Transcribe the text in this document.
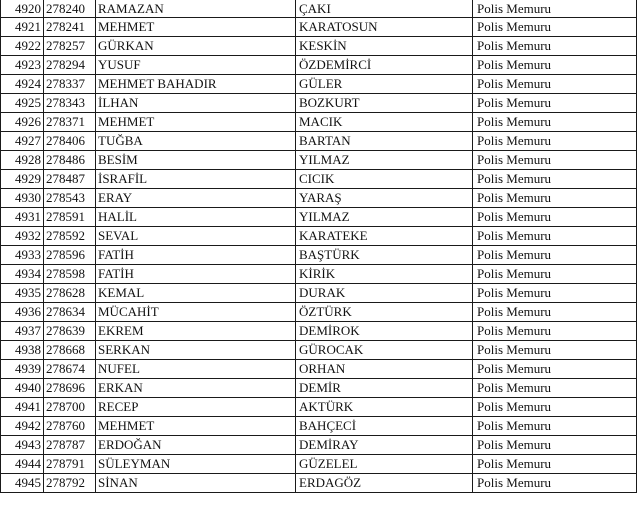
4920	278240	RAMAZAN	ÇAKI	Polis Memuru
4921	278241	MEHMET	KARATOSUN	Polis Memuru
4922	278257	GÜRKAN	KESKİN	Polis Memuru
4923	278294	YUSUF	ÖZDEMİRCİ	Polis Memuru
4924	278337	MEHMET BAHADIR	GÜLER	Polis Memuru
4925	278343	İLHAN	BOZKURT	Polis Memuru
4926	278371	MEHMET	MACIK	Polis Memuru
4927	278406	TUĞBA	BARTAN	Polis Memuru
4928	278486	BESİM	YILMAZ	Polis Memuru
4929	278487	İSRAFİL	CICIK	Polis Memuru
4930	278543	ERAY	YARAŞ	Polis Memuru
4931	278591	HALİL	YILMAZ	Polis Memuru
4932	278592	SEVAL	KARATEKE	Polis Memuru
4933	278596	FATİH	BAŞTÜRK	Polis Memuru
4934	278598	FATİH	KİRİK	Polis Memuru
4935	278628	KEMAL	DURAK	Polis Memuru
4936	278634	MÜCAHİT	ÖZTÜRK	Polis Memuru
4937	278639	EKREM	DEMİROK	Polis Memuru
4938	278668	SERKAN	GÜROCAK	Polis Memuru
4939	278674	NUFEL	ORHAN	Polis Memuru
4940	278696	ERKAN	DEMİR	Polis Memuru
4941	278700	RECEP	AKTÜRK	Polis Memuru
4942	278760	MEHMET	BAHÇECİ	Polis Memuru
4943	278787	ERDOĞAN	DEMİRAY	Polis Memuru
4944	278791	SÜLEYMAN	GÜZELEL	Polis Memuru
4945	278792	SİNAN	ERDAGÖZ	Polis Memuru
